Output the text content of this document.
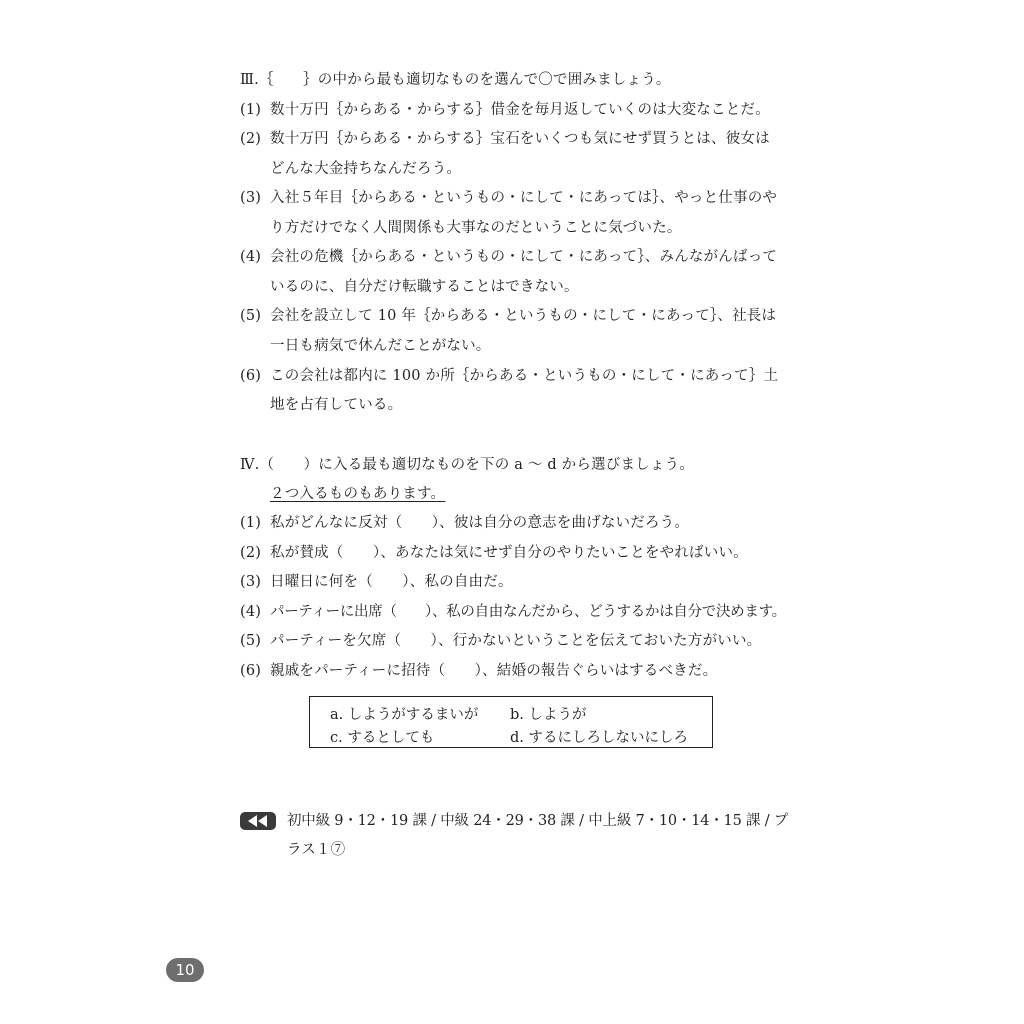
Ⅲ.｛　　｝の中から最も適切なものを選んで〇で囲みましょう。
(1) 数十万円｛からある・からする｝借金を毎月返していくのは大変なことだ。
(2) 数十万円｛からある・からする｝宝石をいくつも気にせず買うとは、彼女は
どんな大金持ちなんだろう。
(3) 入社５年目｛からある・というもの・にして・にあっては｝、やっと仕事のや
り方だけでなく人間関係も大事なのだということに気づいた。
(4) 会社の危機｛からある・というもの・にして・にあって｝、みんながんばって
いるのに、自分だけ転職することはできない。
(5) 会社を設立して 10 年｛からある・というもの・にして・にあって｝、社長は
一日も病気で休んだことがない。
(6) この会社は都内に 100 か所｛からある・というもの・にして・にあって｝土
地を占有している。
Ⅳ.（　　）に入る最も適切なものを下の a 〜 d から選びましょう。
２つ入るものもあります。
(1) 私がどんなに反対（　　）、彼は自分の意志を曲げないだろう。
(2) 私が賛成（　　）、あなたは気にせず自分のやりたいことをやればいい。
(3) 日曜日に何を（　　）、私の自由だ。
(4) パーティーに出席（　　）、私の自由なんだから、どうするかは自分で決めます。
(5) パーティーを欠席（　　）、行かないということを伝えておいた方がいい。
(6) 親戚をパーティーに招待（　　）、結婚の報告ぐらいはするべきだ。
a. しようがするまいが b. しようが
c. するとしても	d. するにしろしないにしろ
初中級 9・12・19 課 / 中級 24・29・38 課 / 中上級 7・10・14・15 課 / プ
ラス１⑦
10
